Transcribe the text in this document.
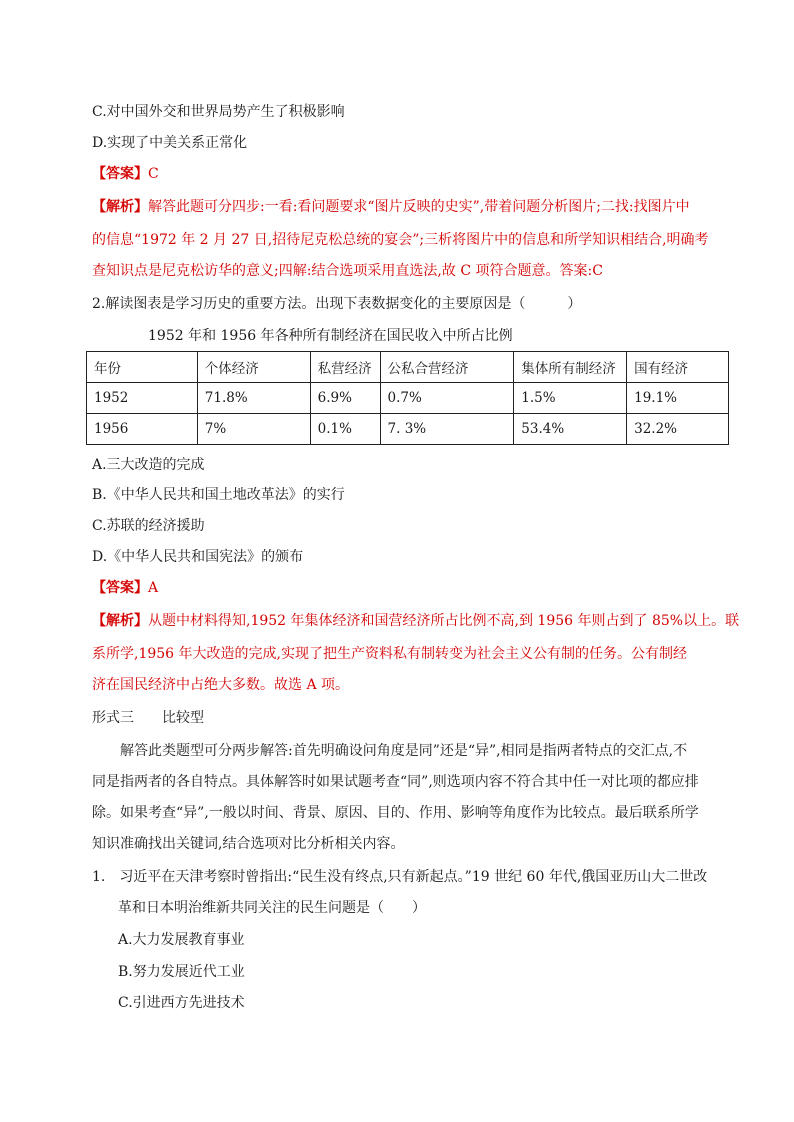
C.对中国外交和世界局势产生了积极影响
D.实现了中美关系正常化
【答案】C
【解析】解答此题可分四步:一看:看问题要求“图片反映的史实”,带着问题分析图片;二找:找图片中
的信息“1972 年 2 月 27 日,招待尼克松总统的宴会”;三析将图片中的信息和所学知识相结合,明确考
查知识点是尼克松访华的意义;四解:结合选项采用直选法,故 C 项符合题意。答案:C
2.解读图表是学习历史的重要方法。出现下表数据变化的主要原因是（　　　）
1952 年和 1956 年各种所有制经济在国民收入中所占比例
年份	个体经济	私营经济	公私合营经济	集体所有制经济	国有经济
1952	71.8%	6.9%	0.7%	1.5%	19.1%
1956	7%	0.1%	7. 3%	53.4%	32.2%
A.三大改造的完成
B.《中华人民共和国土地改革法》的实行
C.苏联的经济援助
D.《中华人民共和国宪法》的颁布
【答案】A
【解析】从题中材料得知,1952 年集体经济和国营经济所占比例不高,到 1956 年则占到了 85%以上。联
系所学,1956 年大改造的完成,实现了把生产资料私有制转变为社会主义公有制的任务。公有制经
济在国民经济中占绝大多数。故选 A 项。
形式三　　比较型
解答此类题型可分两步解答:首先明确设问角度是同”还是“异”,相同是指两者特点的交汇点,不
同是指两者的各自特点。具体解答时如果试题考查“同”,则选项内容不符合其中任一对比项的都应排
除。如果考查“异”,一般以时间、背景、原因、目的、作用、影响等角度作为比较点。最后联系所学
知识准确找出关键词,结合选项对比分析相关内容。
1.　习近平在天津考察时曾指出:“民生没有终点,只有新起点。”19 世纪 60 年代,俄国亚历山大二世改
革和日本明治维新共同关注的民生问题是（　　）
A.大力发展教育事业
B.努力发展近代工业
C.引进西方先进技术
